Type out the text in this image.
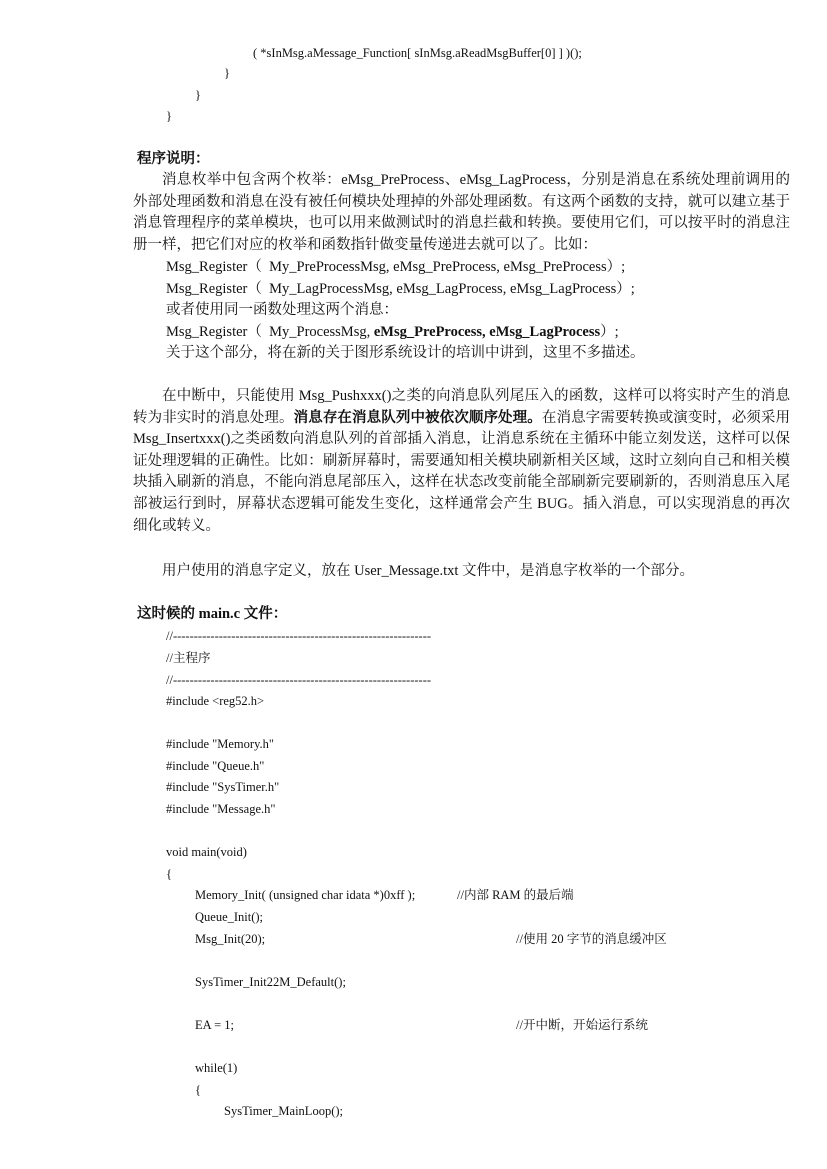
( *sInMsg.aMessage_Function[ sInMsg.aReadMsgBuffer[0] ] )();
}
}
}
程序说明：
消息枚举中包含两个枚举：eMsg_PreProcess、eMsg_LagProcess，分别是消息在系统处理前调用的外部处理函数和消息在没有被任何模块处理掉的外部处理函数。有这两个函数的支持，就可以建立基于消息管理程序的菜单模块，也可以用来做测试时的消息拦截和转换。要使用它们，可以按平时的消息注册一样，把它们对应的枚举和函数指针做变量传递进去就可以了。比如：
Msg_Register（  My_PreProcessMsg, eMsg_PreProcess, eMsg_PreProcess）;
Msg_Register（  My_LagProcessMsg, eMsg_LagProcess, eMsg_LagProcess）;
或者使用同一函数处理这两个消息：
Msg_Register（  My_ProcessMsg, eMsg_PreProcess, eMsg_LagProcess）;
关于这个部分，将在新的关于图形系统设计的培训中讲到，这里不多描述。
在中断中，只能使用 Msg_Pushxxx()之类的向消息队列尾压入的函数，这样可以将实时产生的消息转为非实时的消息处理。消息存在消息队列中被依次顺序处理。在消息字需要转换或演变时，必须采用 Msg_Insertxxx()之类函数向消息队列的首部插入消息，让消息系统在主循环中能立刻发送，这样可以保证处理逻辑的正确性。比如：刷新屏幕时，需要通知相关模块刷新相关区域，这时立刻向自己和相关模块插入刷新的消息，不能向消息尾部压入，这样在状态改变前能全部刷新完要刷新的，否则消息压入尾部被运行到时，屏幕状态逻辑可能发生变化，这样通常会产生 BUG。插入消息，可以实现消息的再次细化或转义。
用户使用的消息字定义，放在 User_Message.txt 文件中，是消息字枚举的一个部分。
这时候的 main.c 文件：
//--------------------------------------------------------------
//主程序
//--------------------------------------------------------------
#include <reg52.h>
#include "Memory.h"
#include "Queue.h"
#include "SysTimer.h"
#include "Message.h"
void main(void)
{
Memory_Init( (unsigned char idata *)0xff );	//内部 RAM 的最后端
Queue_Init();
Msg_Init(20);	//使用 20 字节的消息缓冲区
SysTimer_Init22M_Default();
EA = 1;	//开中断，开始运行系统
while(1)
{
SysTimer_MainLoop();
